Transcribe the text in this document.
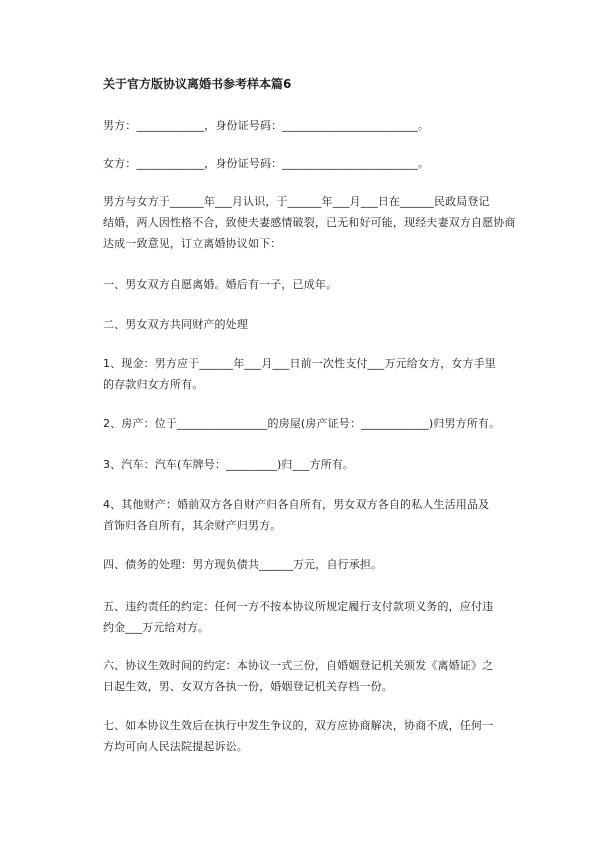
关于官方版协议离婚书参考样本篇6
男方：____________，身份证号码：________________________。
女方：____________，身份证号码：________________________。
男方与女方于______年___月认识，于______年___月___日在______民政局登记
结婚，两人因性格不合，致使夫妻感情破裂，已无和好可能，现经夫妻双方自愿协商
达成一致意见，订立离婚协议如下：
一、男女双方自愿离婚。婚后有一子，已成年。
二、男女双方共同财产的处理
1、现金：男方应于______年___月___日前一次性支付___万元给女方，女方手里
的存款归女方所有。
2、房产：位于________________的房屋(房产证号：____________)归男方所有。
3、汽车：汽车(车牌号：_________)归___方所有。
4、其他财产：婚前双方各自财产归各自所有，男女双方各自的私人生活用品及
首饰归各自所有，其余财产归男方。
四、债务的处理：男方现负债共______万元，自行承担。
五、违约责任的约定：任何一方不按本协议所规定履行支付款项义务的，应付违
约金___万元给对方。
六、协议生效时间的约定：本协议一式三份，自婚姻登记机关颁发《离婚证》之
日起生效，男、女双方各执一份，婚姻登记机关存档一份。
七、如本协议生效后在执行中发生争议的，双方应协商解决，协商不成，任何一
方均可向人民法院提起诉讼。
